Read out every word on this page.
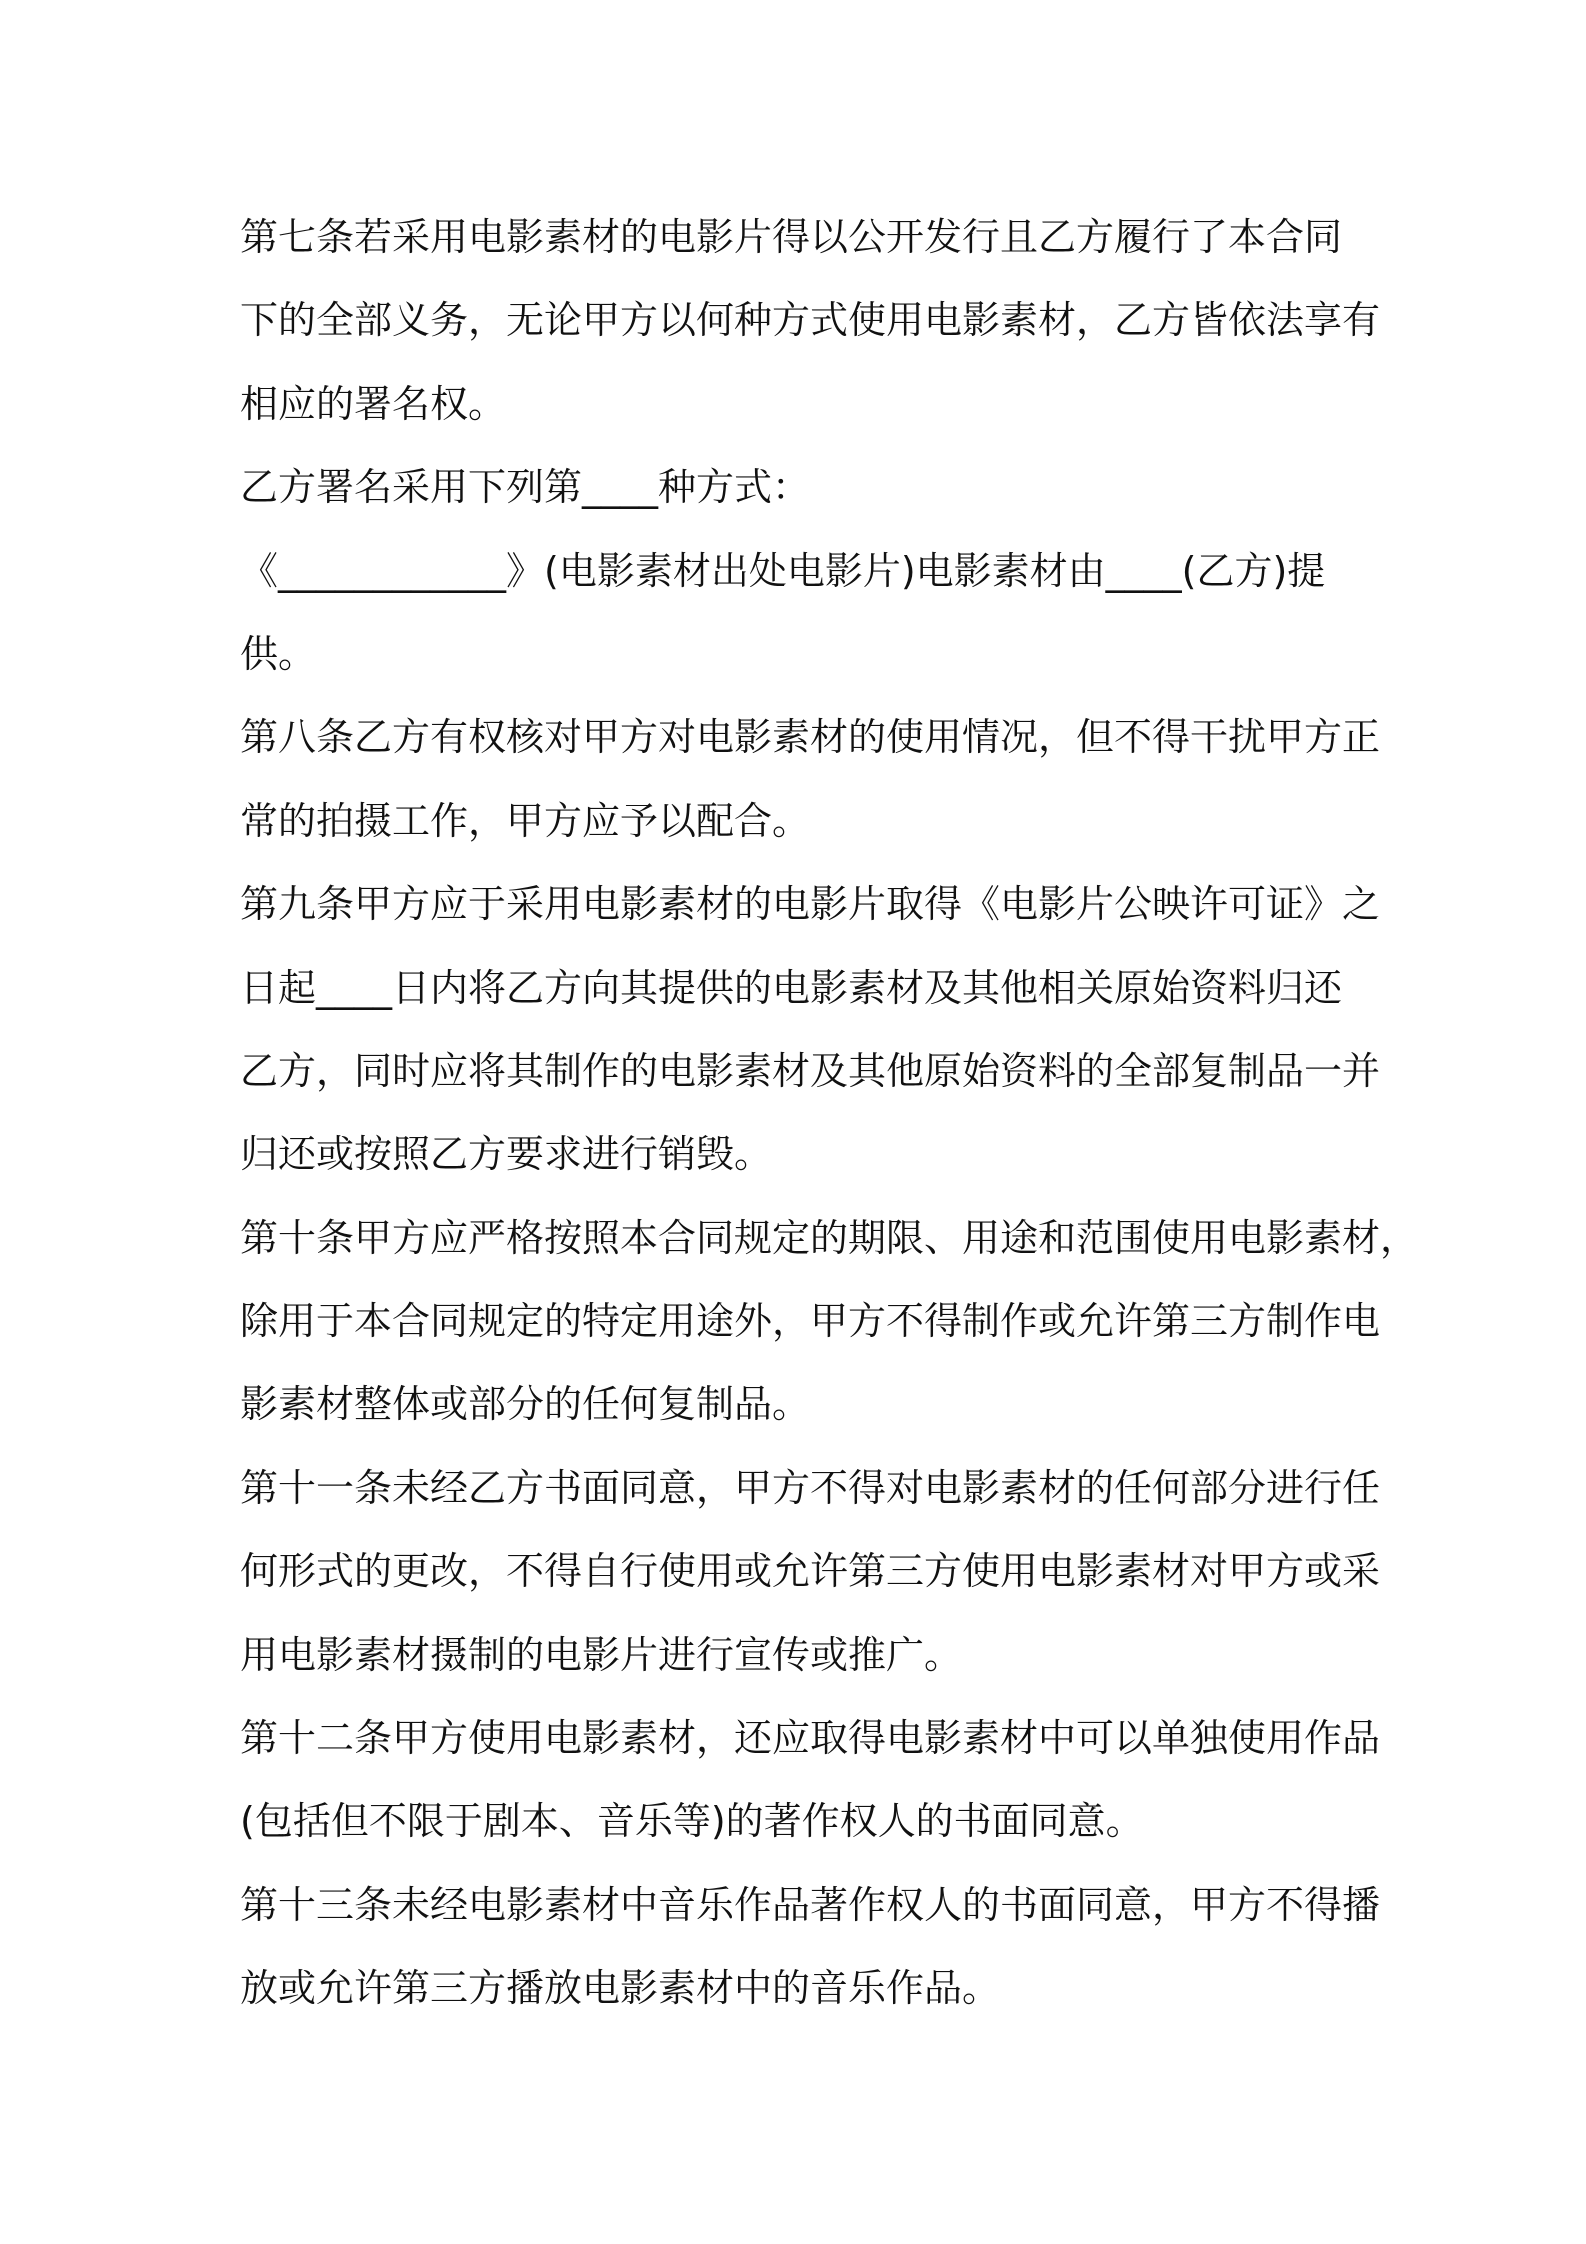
第七条若采用电影素材的电影片得以公开发行且乙方履行了本合同
下的全部义务，无论甲方以何种方式使用电影素材，乙方皆依法享有
相应的署名权。
乙方署名采用下列第____种方式：
《____________》(电影素材出处电影片)电影素材由____(乙方)提
供。
第八条乙方有权核对甲方对电影素材的使用情况，但不得干扰甲方正
常的拍摄工作，甲方应予以配合。
第九条甲方应于采用电影素材的电影片取得《电影片公映许可证》之
日起____日内将乙方向其提供的电影素材及其他相关原始资料归还
乙方，同时应将其制作的电影素材及其他原始资料的全部复制品一并
归还或按照乙方要求进行销毁。
第十条甲方应严格按照本合同规定的期限、用途和范围使用电影素材，
除用于本合同规定的特定用途外，甲方不得制作或允许第三方制作电
影素材整体或部分的任何复制品。
第十一条未经乙方书面同意，甲方不得对电影素材的任何部分进行任
何形式的更改，不得自行使用或允许第三方使用电影素材对甲方或采
用电影素材摄制的电影片进行宣传或推广。
第十二条甲方使用电影素材，还应取得电影素材中可以单独使用作品
(包括但不限于剧本、音乐等)的著作权人的书面同意。
第十三条未经电影素材中音乐作品著作权人的书面同意，甲方不得播
放或允许第三方播放电影素材中的音乐作品。
